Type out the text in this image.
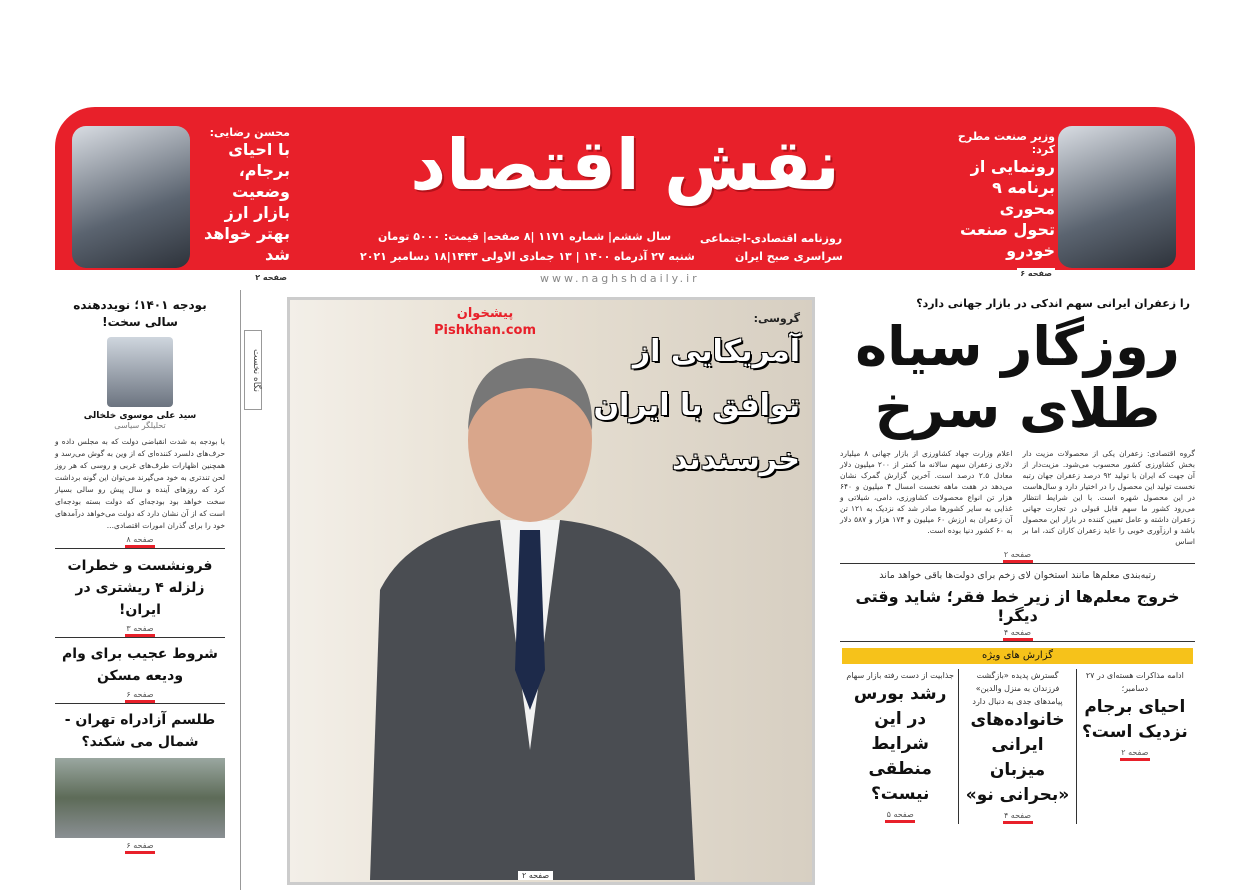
نقش اقتصاد
روزنامه اقتصادی-اجتماعی
سراسری صبح ایران
سال ششم| شماره ۱۱۷۱ |۸ صفحه| قیمت: ۵۰۰۰ تومان
شنبه ۲۷ آذرماه ۱۴۰۰ | ۱۳ جمادی الاولی ۱۴۴۳|۱۸ دسامبر ۲۰۲۱
www.naghshdaily.ir
محسن رضایی:
با احیای برجام، وضعیت بازار ارز بهتر خواهد شد
صفحه ۲
وزیر صنعت مطرح کرد:
رونمایی از برنامه ۹ محوری تحول صنعت خودرو
صفحه ۶
بودجه ۱۴۰۱؛ نویددهنده سالی سخت!
سید علی موسوی خلخالی
تحلیلگر سیاسی
با بودجه به شدت انقباضی دولت که به مجلس داده و حرف‌های دلسرد کننده‌ای که از وین به گوش می‌رسد و همچنین اظهارات طرف‌های غربی و روسی که هر روز لحن تندتری به خود می‌گیرند می‌توان این گونه برداشت کرد که روزهای آینده و سال پیش رو سالی بسیار سخت خواهد بود بودجه‌ای که دولت بسته بودجه‌ای است که از آن نشان دارد که دولت می‌خواهد درآمدهای خود را برای گذران امورات اقتصادی...
صفحه ۸
فرونشست و خطرات زلزله ۴ ریشتری در ایران!
صفحه ۳
شروط عجیب برای وام ودیعه مسکن
صفحه ۶
طلسم آزادراه تهران - شمال می شکند؟
صفحه ۶
نگاه نخست
گروسی:
آمریکایی از
توافق با ایران
خرسندند
صفحه ۲
پیشخوان Pishkhan.com
را زعفران ایرانی سهم اندکی در بازار جهانی دارد؟
روزگار سیاه
طلای سرخ
گروه اقتصادی: زعفران یکی از محصولات مزیت دار بخش کشاورزی کشور محسوب می‌شود. مزیت‌دار از آن جهت که ایران با تولید ۹۲ درصد زعفران جهان رتبه نخست تولید این محصول را در اختیار دارد و سال‌هاست در این محصول شهره است. با این شرایط انتظار می‌رود کشور ما سهم قابل قبولی در تجارت جهانی زعفران داشته و عامل تعیین کننده در بازار این محصول باشد و ارزآوری خوبی را عاید زعفران کاران کند، اما بر اساس
اعلام وزارت جهاد کشاورزی از بازار جهانی ۸ میلیارد دلاری زعفران سهم سالانه ما کمتر از ۲۰۰ میلیون دلار معادل ۲.۵ درصد است. آخرین گزارش گمرک نشان می‌دهد در هفت ماهه نخست امسال ۴ میلیون و ۶۴۰ هزار تن انواع محصولات کشاورزی، دامی، شیلاتی و غذایی به سایر کشورها صادر شد که نزدیک به ۱۲۱ تن آن زعفران به ارزش ۶۰ میلیون و ۱۷۴ هزار و ۵۸۷ دلار به ۶۰ کشور دنیا بوده است.
صفحه ۲
رتبه‌بندی معلم‌ها مانند استخوان لای زخم برای دولت‌ها باقی خواهد ماند
خروج معلم‌ها از زیر خط فقر؛ شاید وقتی دیگر!
صفحه ۴
گزارش های ویژه
ادامه مذاکرات هسته‌ای در ۲۷ دسامبر؛
احیای برجام نزدیک است؟
صفحه ۲
گسترش پدیده «بازگشت فرزندان به منزل والدین» پیامدهای جدی به دنبال دارد
خانواده‌های ایرانی میزبان «بحرانی نو»
صفحه ۴
جذابیت از دست رفته بازار سهام
رشد بورس در این شرایط منطقی نیست؟
صفحه ۵
